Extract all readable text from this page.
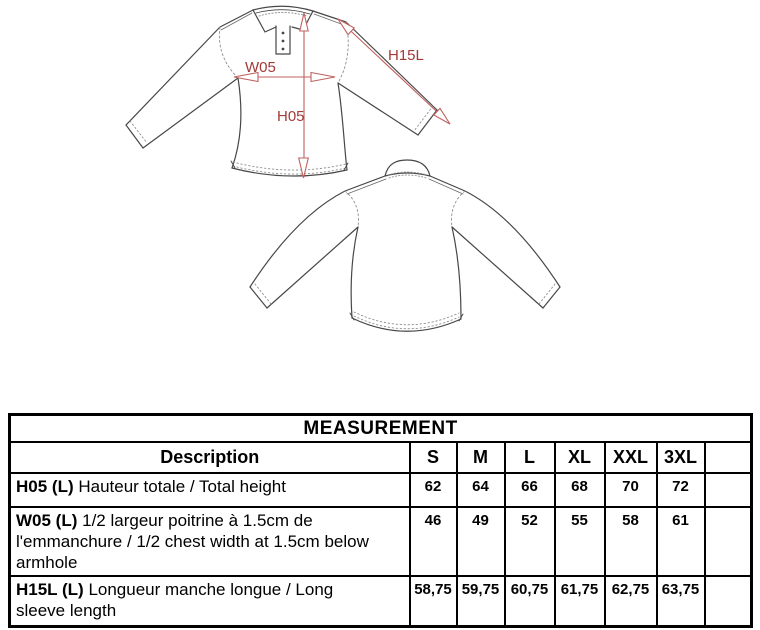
W05
H05
H15L
MEASUREMENT							
Description	S	M	L	XL	XXL	3XL	
H05 (L) Hauteur totale / Total height	62	64	66	68	70	72	
W05 (L) 1/2 largeur poitrine à 1.5cm de l'emmanchure / 1/2 chest width at 1.5cm below armhole	46	49	52	55	58	61	
H15L (L) Longueur manche longue / Long sleeve length	58,75	59,75	60,75	61,75	62,75	63,75	
